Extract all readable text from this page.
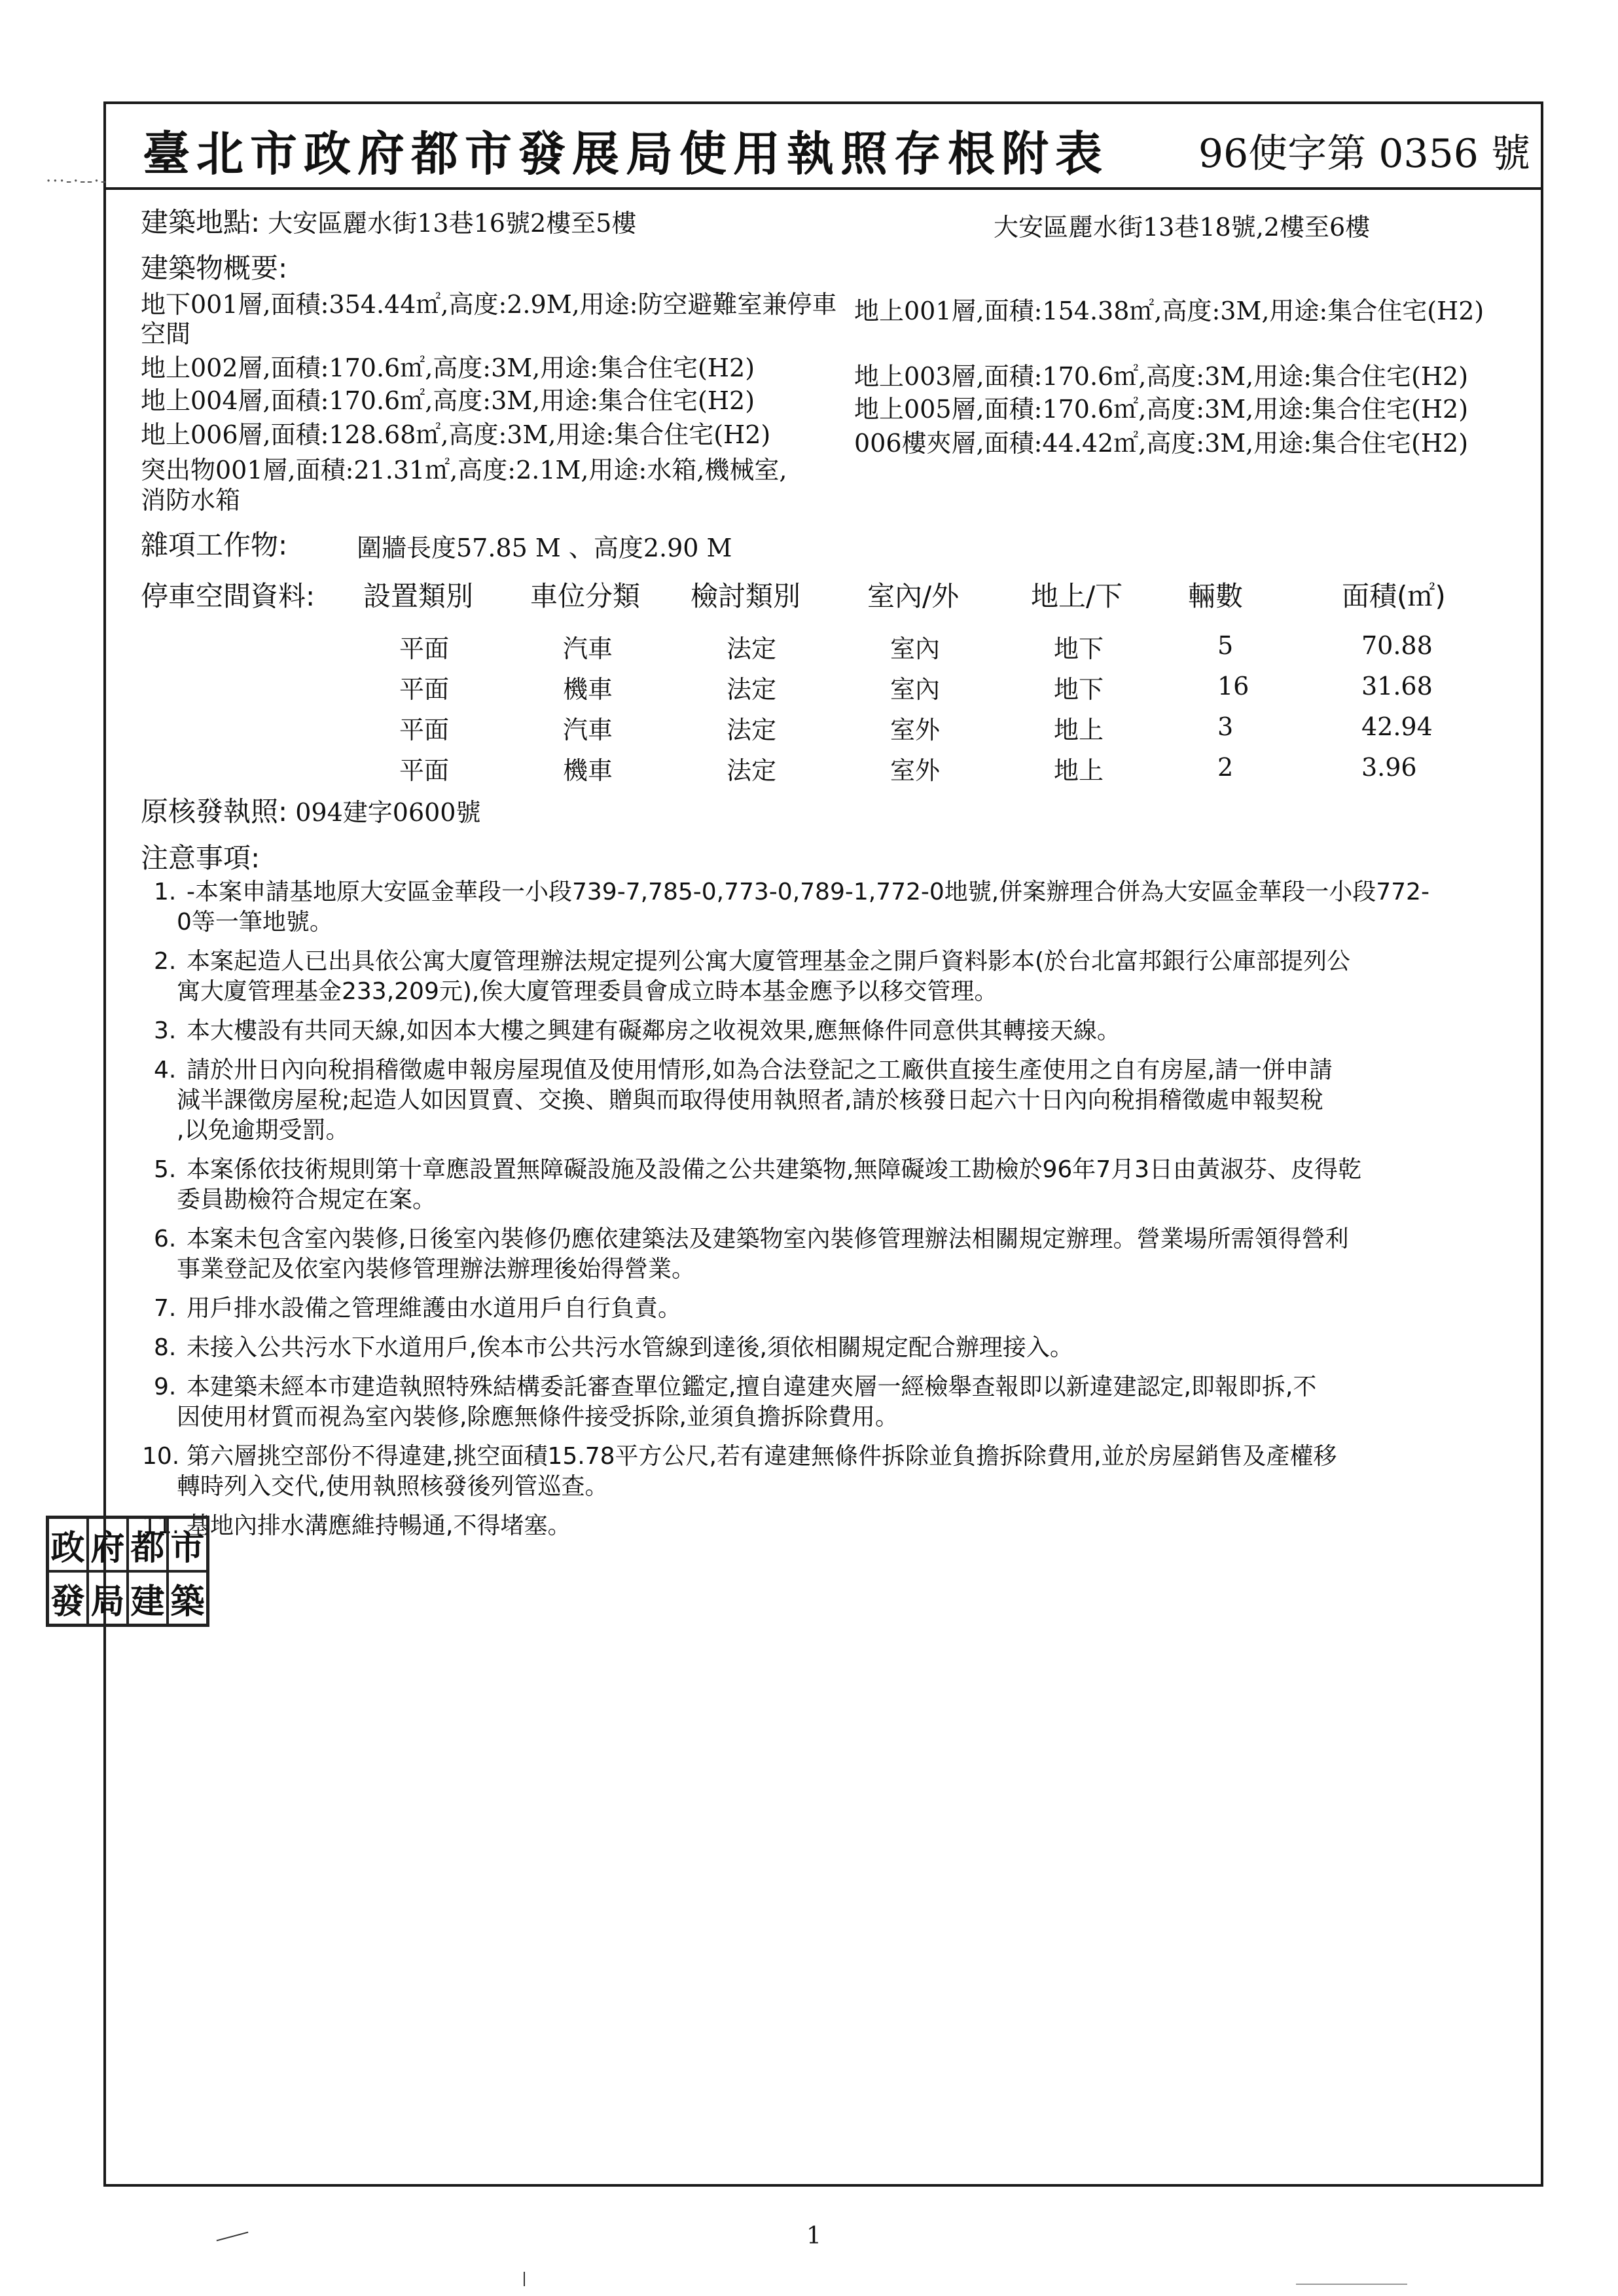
臺北市政府都市發展局使用執照存根附表 96使字第 0356 號
···-·--·-
建築地點: 大安區麗水街13巷16號2樓至5樓	大安區麗水街13巷18號,2樓至6樓
建築物概要:
地下001層,面積:354.44㎡,高度:2.9M,用途:防空避難室兼停車 地上001層,面積:154.38㎡,高度:3M,用途:集合住宅(H2)
空間
地上002層,面積:170.6㎡,高度:3M,用途:集合住宅(H2)	地上003層,面積:170.6㎡,高度:3M,用途:集合住宅(H2)
地上004層,面積:170.6㎡,高度:3M,用途:集合住宅(H2)	地上005層,面積:170.6㎡,高度:3M,用途:集合住宅(H2)
地上006層,面積:128.68㎡,高度:3M,用途:集合住宅(H2)	006樓夾層,面積:44.42㎡,高度:3M,用途:集合住宅(H2)
突出物001層,面積:21.31㎡,高度:2.1M,用途:水箱,機械室,
消防水箱
雜項工作物:	圍牆長度57.85 M 、高度2.90 M
停車空間資料: 設置類別 車位分類 檢討類別 室內/外	地上/下 輛數	面積(㎡)
平面	汽車	法定	室內	地下	5	70.88
平面	機車	法定	室內	地下	16	31.68
平面	汽車	法定	室外	地上	3	42.94
平面	機車	法定	室外	地上	2	3.96
原核發執照: 094建字0600號
注意事項:
1. -本案申請基地原大安區金華段一小段739-7,785-0,773-0,789-1,772-0地號,併案辦理合併為大安區金華段一小段772-
0等一筆地號。
2. 本案起造人已出具依公寓大廈管理辦法規定提列公寓大廈管理基金之開戶資料影本(於台北富邦銀行公庫部提列公
寓大廈管理基金233,209元),俟大廈管理委員會成立時本基金應予以移交管理。
3. 本大樓設有共同天線,如因本大樓之興建有礙鄰房之收視效果,應無條件同意供其轉接天線。
4. 請於卅日內向稅捐稽徵處申報房屋現值及使用情形,如為合法登記之工廠供直接生產使用之自有房屋,請一併申請
減半課徵房屋稅;起造人如因買賣、交換、贈與而取得使用執照者,請於核發日起六十日內向稅捐稽徵處申報契稅
,以免逾期受罰。
5. 本案係依技術規則第十章應設置無障礙設施及設備之公共建築物,無障礙竣工勘檢於96年7月3日由黃淑芬、皮得乾
委員勘檢符合規定在案。
6. 本案未包含室內裝修,日後室內裝修仍應依建築法及建築物室內裝修管理辦法相關規定辦理。營業場所需領得營利
事業登記及依室內裝修管理辦法辦理後始得營業。
7. 用戶排水設備之管理維護由水道用戶自行負責。
8. 未接入公共污水下水道用戶,俟本市公共污水管線到達後,須依相關規定配合辦理接入。
9. 本建築未經本市建造執照特殊結構委託審查單位鑑定,擅自違建夾層一經檢舉查報即以新違建認定,即報即拆,不
因使用材質而視為室內裝修,除應無條件接受拆除,並須負擔拆除費用。
10. 第六層挑空部份不得違建,挑空面積15.78平方公尺,若有違建無條件拆除並負擔拆除費用,並於房屋銷售及產權移
轉時列入交代,使用執照核發後列管巡查。
11. 基地內排水溝應維持暢通,不得堵塞。
政 府 都 市
發 局 建 築
1
